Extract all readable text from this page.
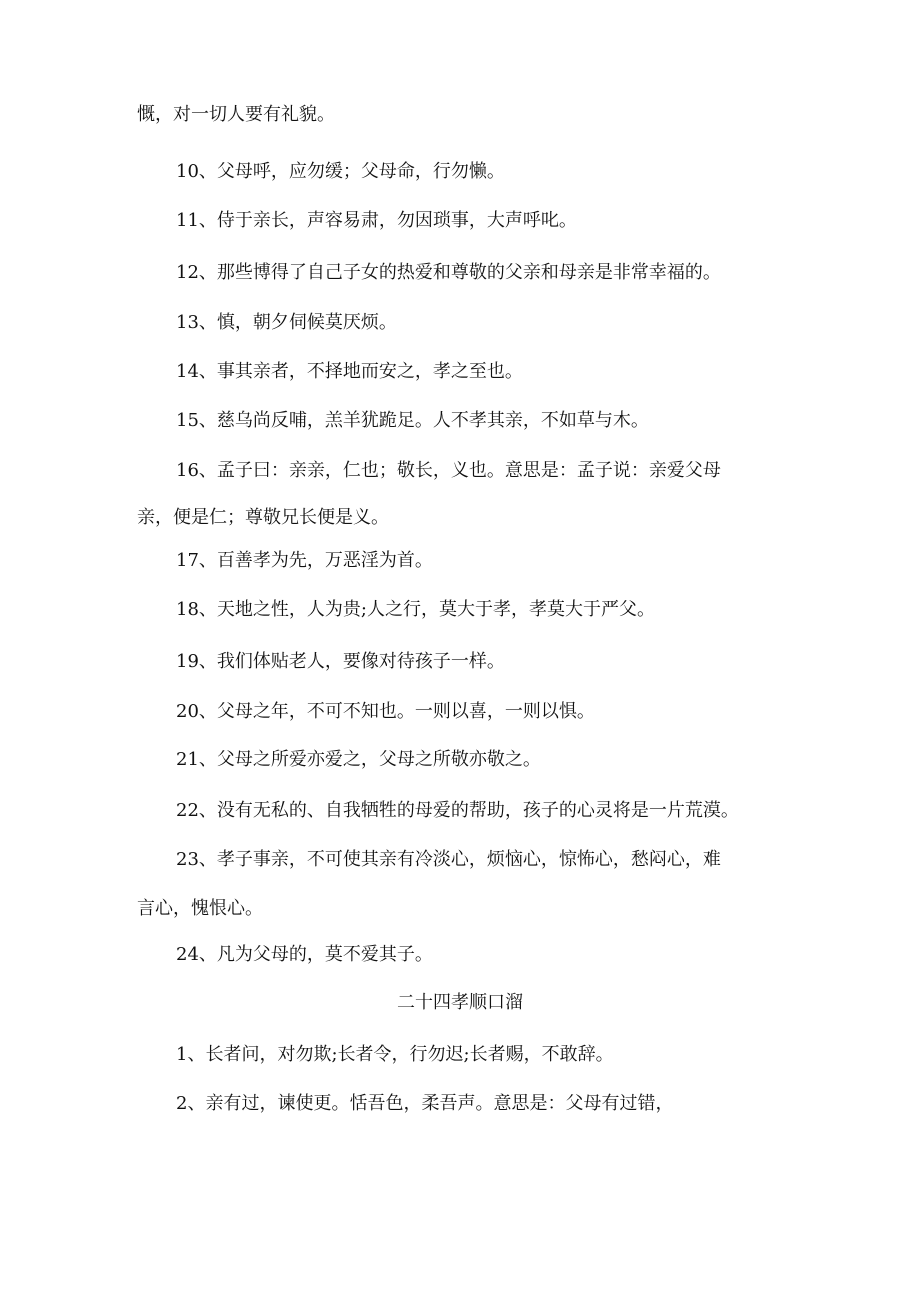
慨，对一切人要有礼貌。
10、父母呼，应勿缓；父母命，行勿懒。
11、侍于亲长，声容易肃，勿因琐事，大声呼叱。
12、那些博得了自己子女的热爱和尊敬的父亲和母亲是非常幸福的。
13、慎，朝夕伺候莫厌烦。
14、事其亲者，不择地而安之，孝之至也。
15、慈乌尚反哺，羔羊犹跪足。人不孝其亲，不如草与木。
16、孟子曰：亲亲，仁也；敬长，义也。意思是：孟子说：亲爱父母
亲，便是仁；尊敬兄长便是义。
17、百善孝为先，万恶淫为首。
18、天地之性，人为贵;人之行，莫大于孝，孝莫大于严父。
19、我们体贴老人，要像对待孩子一样。
20、父母之年，不可不知也。一则以喜，一则以惧。
21、父母之所爱亦爱之，父母之所敬亦敬之。
22、没有无私的、自我牺牲的母爱的帮助，孩子的心灵将是一片荒漠。
23、孝子事亲，不可使其亲有冷淡心，烦恼心，惊怖心，愁闷心，难
言心，愧恨心。
24、凡为父母的，莫不爱其子。
二十四孝顺口溜
1、长者问，对勿欺;长者令，行勿迟;长者赐，不敢辞。
2、亲有过，谏使更。恬吾色，柔吾声。意思是：父母有过错，
